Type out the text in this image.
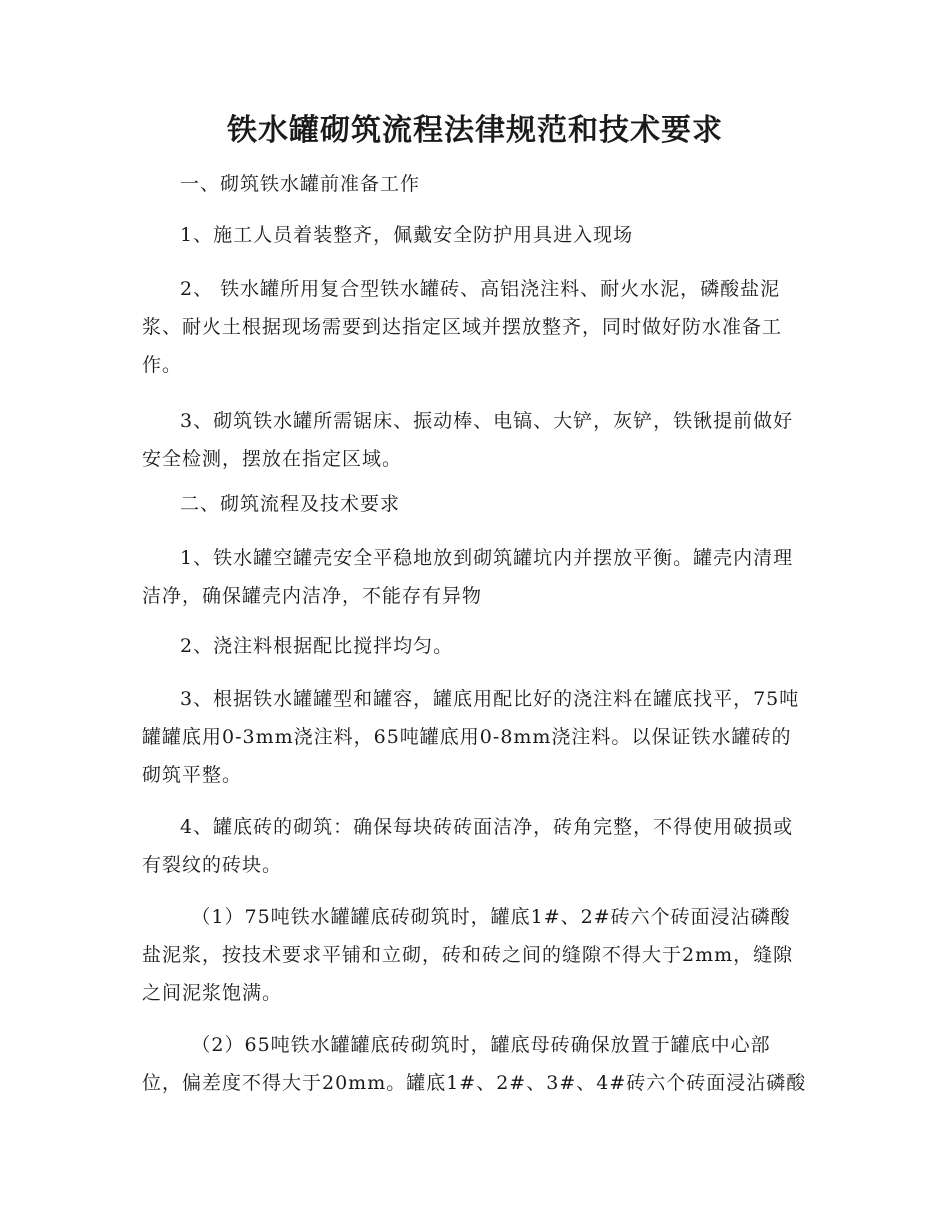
铁水罐砌筑流程法律规范和技术要求

一、砌筑铁水罐前准备工作

1、施工人员着装整齐，佩戴安全防护用具进入现场

2、 铁水罐所用复合型铁水罐砖、高铝浇注料、耐火水泥，磷酸盐泥浆、耐火土根据现场需要到达指定区域并摆放整齐，同时做好防水准备工作。

3、砌筑铁水罐所需锯床、振动棒、电镐、大铲，灰铲，铁锹提前做好安全检测，摆放在指定区域。

二、砌筑流程及技术要求

1、铁水罐空罐壳安全平稳地放到砌筑罐坑内并摆放平衡。罐壳内清理洁净，确保罐壳内洁净，不能存有异物

2、浇注料根据配比搅拌均匀。

3、根据铁水罐罐型和罐容，罐底用配比好的浇注料在罐底找平，75吨罐罐底用0-3mm浇注料，65吨罐底用0-8mm浇注料。以保证铁水罐砖的砌筑平整。

4、罐底砖的砌筑：确保每块砖砖面洁净，砖角完整，不得使用破损或有裂纹的砖块。

（1）75吨铁水罐罐底砖砌筑时，罐底1#、2#砖六个砖面浸沾磷酸盐泥浆，按技术要求平铺和立砌，砖和砖之间的缝隙不得大于2mm，缝隙之间泥浆饱满。

（2）65吨铁水罐罐底砖砌筑时，罐底母砖确保放置于罐底中心部位，偏差度不得大于20mm。罐底1#、2#、3#、4#砖六个砖面浸沾磷酸
